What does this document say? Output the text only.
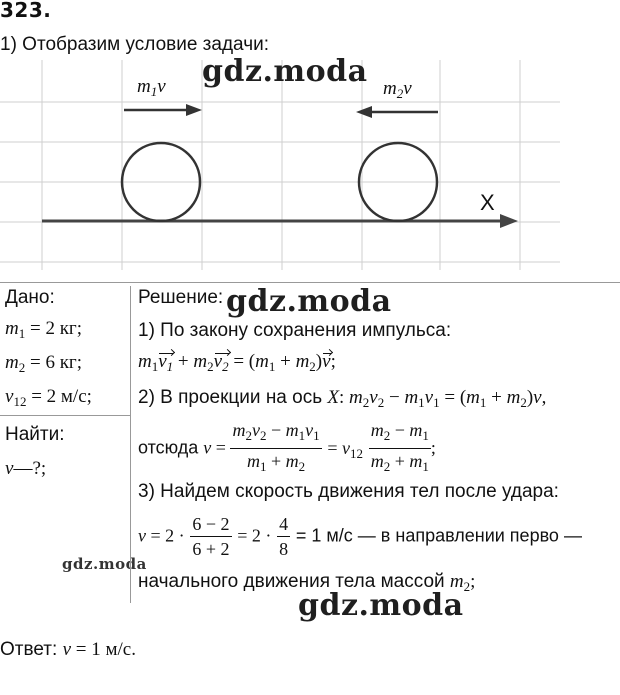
323.
1) Отобразим условие задачи:
$m_1v$	$m_2v$
X
gdz.moda
gdz.moda
gdz.moda
gdz.moda
Дано:
$m_1 = 2$ кг;
$m_2 = 6$ кг;
$v_{12} = 2$ м/с;
Найти:
v—?;
Решение:
1) По закону сохранения импульса:
$m_1v_1 + m_2v_2 = (m_1 + m_2)v$;
2) В проекции на ось X: $m_2v_2 - m_1v_1 = (m_1 + m_2)v$,
отсюда $v = \frac{m_2v_2 - m_1v_1}{m_1 + m_2} = v_{12} \frac{m_2 - m_1}{m_2 + m_1}$ ;
3) Найдем скорость движения тел после удара:
$v = 2 \cdot \frac{6 - 2}{6 + 2} = 2 \cdot \frac{4}{8} = 1$ м/с — в направлении перво —
начального движения тела массой $m_2$;
Ответ: v = 1 м/с.
